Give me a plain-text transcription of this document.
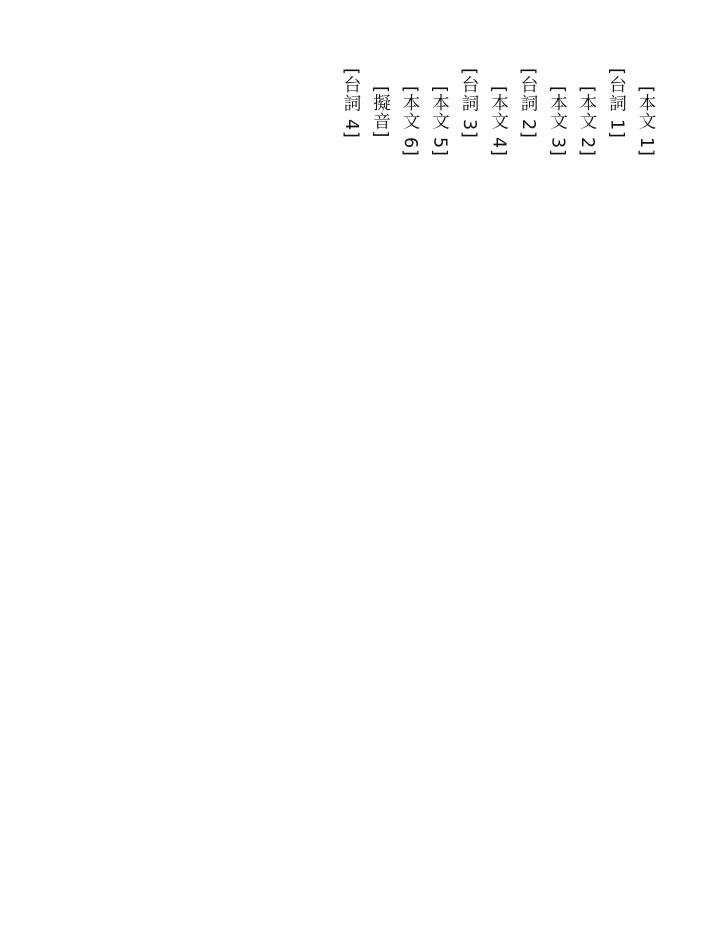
[本文 1]

[台詞 1]

[本文 2]

[本文 3]

[台詞 2]

[本文 4]

[台詞 3]

[本文 5]

[本文 6]

[擬音]

[台詞 4]
